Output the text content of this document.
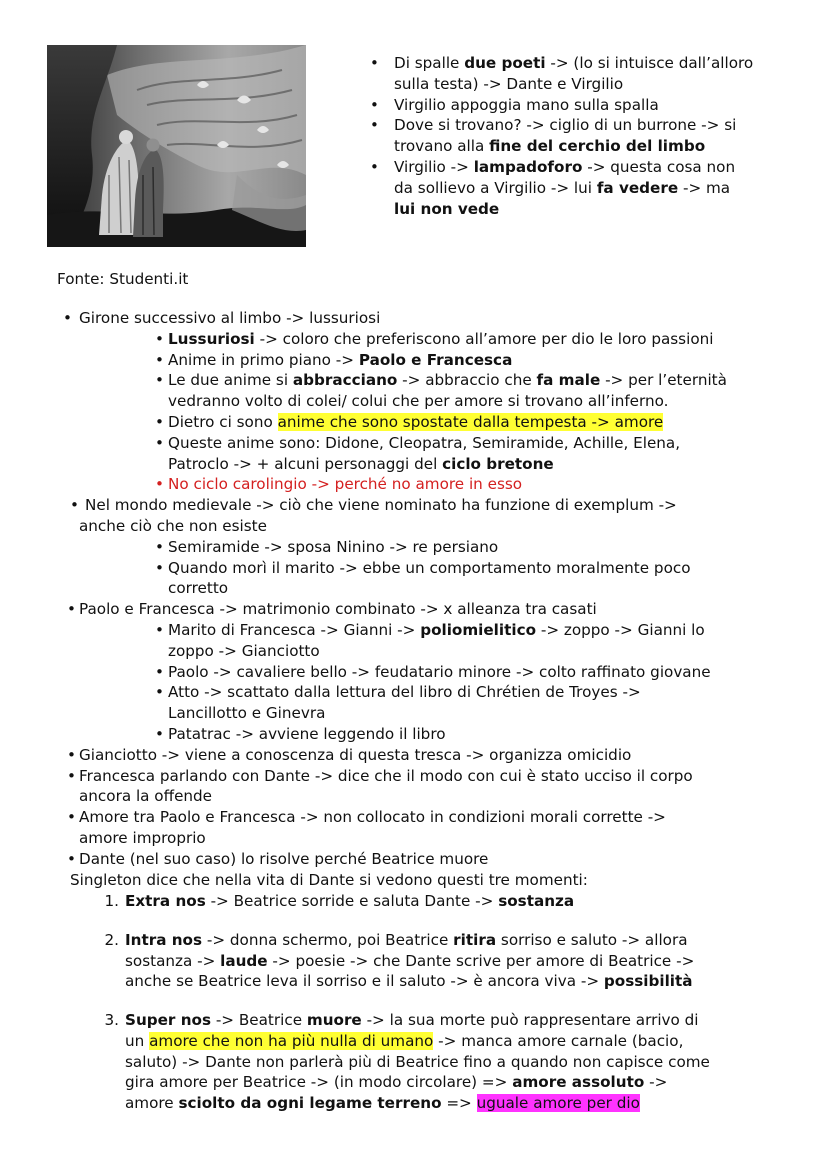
• Di spalle due poeti -> (lo si intuisce dall’alloro
sulla testa) -> Dante e Virgilio
• Virgilio appoggia mano sulla spalla
• Dove si trovano? -> ciglio di un burrone -> si
trovano alla fine del cerchio del limbo
• Virgilio -> lampadoforo -> questa cosa non
da sollievo a Virgilio -> lui fa vedere -> ma
lui non vede
Fonte: Studenti.it
• Girone successivo al limbo -> lussuriosi
• Lussuriosi -> coloro che preferiscono all’amore per dio le loro passioni
• Anime in primo piano -> Paolo e Francesca
• Le due anime si abbracciano -> abbraccio che fa male -> per l’eternità
vedranno volto di colei/ colui che per amore si trovano all’inferno.
• Dietro ci sono anime che sono spostate dalla tempesta -> amore
• Queste anime sono: Didone, Cleopatra, Semiramide, Achille, Elena,
Patroclo -> + alcuni personaggi del ciclo bretone
• No ciclo carolingio -> perché no amore in esso
• Nel mondo medievale -> ciò che viene nominato ha funzione di exemplum ->
anche ciò che non esiste
• Semiramide -> sposa Ninino -> re persiano
• Quando morì il marito -> ebbe un comportamento moralmente poco
corretto
• Paolo e Francesca -> matrimonio combinato -> x alleanza tra casati
• Marito di Francesca -> Gianni -> poliomielitico -> zoppo -> Gianni lo
zoppo -> Gianciotto
• Paolo -> cavaliere bello -> feudatario minore -> colto raffinato giovane
• Atto -> scattato dalla lettura del libro di Chrétien de Troyes ->
Lancillotto e Ginevra
• Patatrac -> avviene leggendo il libro
• Gianciotto -> viene a conoscenza di questa tresca -> organizza omicidio
• Francesca parlando con Dante -> dice che il modo con cui è stato ucciso il corpo
ancora la offende
• Amore tra Paolo e Francesca -> non collocato in condizioni morali corrette ->
amore improprio
• Dante (nel suo caso) lo risolve perché Beatrice muore
Singleton dice che nella vita di Dante si vedono questi tre momenti:
1. Extra nos -> Beatrice sorride e saluta Dante -> sostanza
2. Intra nos -> donna schermo, poi Beatrice ritira sorriso e saluto -> allora
sostanza -> laude -> poesie -> che Dante scrive per amore di Beatrice ->
anche se Beatrice leva il sorriso e il saluto -> è ancora viva -> possibilità
3. Super nos -> Beatrice muore -> la sua morte può rappresentare arrivo di
un amore che non ha più nulla di umano -> manca amore carnale (bacio,
saluto) -> Dante non parlerà più di Beatrice fino a quando non capisce come
gira amore per Beatrice -> (in modo circolare) => amore assoluto ->
amore sciolto da ogni legame terreno => uguale amore per dio
